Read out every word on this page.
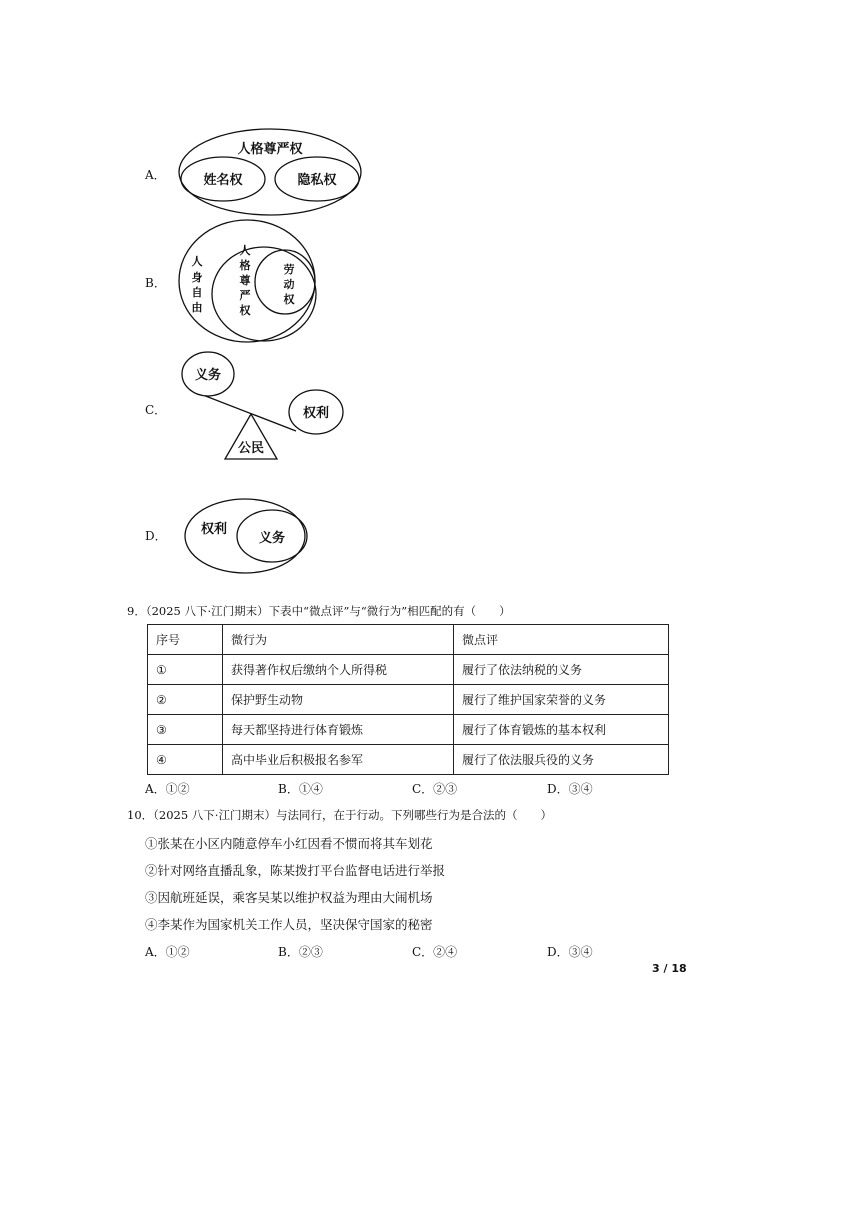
A．
人格尊严权
姓名权	隐私权
B．
人
身
自
由
人
格
尊
严
权
劳
动
权
C．
义务
权利
公民
D．	权利
义务
9．（2025 八下·江门期末）下表中“微点评”与“微行为”相匹配的有（　　）
序号	微行为	微点评
①	获得著作权后缴纳个人所得税	履行了依法纳税的义务
②	保护野生动物	履行了维护国家荣誉的义务
③	每天都坚持进行体育锻炼	履行了体育锻炼的基本权利
④	高中毕业后积极报名参军	履行了依法服兵役的义务
A．①②	B．①④	C．②③	D．③④
10．（2025 八下·江门期末）与法同行，在于行动。下列哪些行为是合法的（　　）
①张某在小区内随意停车小红因看不惯而将其车划花
②针对网络直播乱象，陈某拨打平台监督电话进行举报
③因航班延误，乘客吴某以维护权益为理由大闹机场
④李某作为国家机关工作人员，坚决保守国家的秘密
A．①②	B．②③	C．②④	D．③④
3 / 18
